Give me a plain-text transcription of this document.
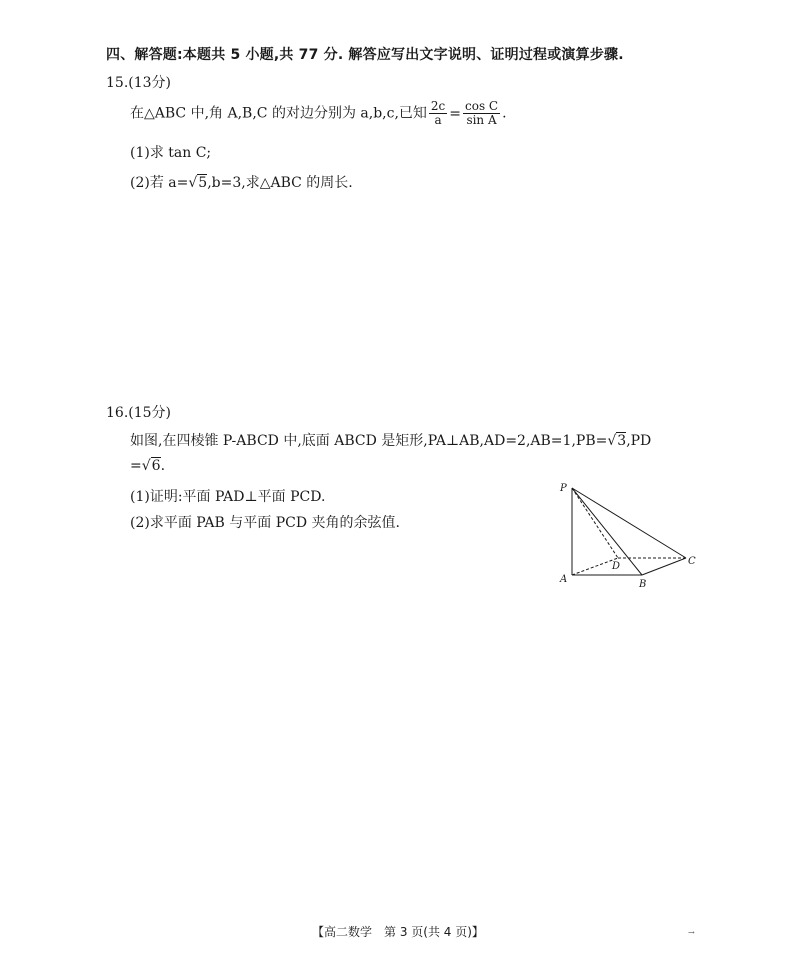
四、解答题:本题共 5 小题,共 77 分. 解答应写出文字说明、证明过程或演算步骤.
15.(13分)
在△ABC 中,角 A,B,C 的对边分别为 a,b,c,已知 $\frac{2c}{a} = \frac{\text{cos C}}{\text{sin A}}$ .
(1)求 tan C;
(2)若 a=√5,b=3,求△ABC 的周长.
16.(15分)
如图,在四棱锥 P-ABCD 中,底面 ABCD 是矩形,PA⊥AB,AD=2,AB=1,PB=√3,PD
=√6.
(1)证明:平面 PAD⊥平面 PCD.
(2)求平面 PAB 与平面 PCD 夹角的余弦值.
P
A	B
C
D
【高二数学　第 3 页(共 4 页)】	→
